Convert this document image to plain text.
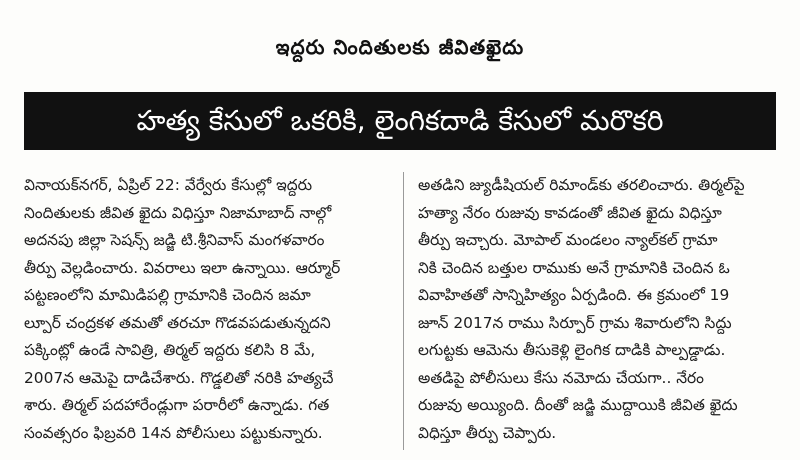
ఇద్దరు నిందితులకు జీవితఖైదు
హత్య కేసులో ఒకరికి, లైంగికదాడి కేసులో మరొకరి
వినాయక్‌నగర్, ఏప్రిల్ 22: వేర్వేరు కేసుల్లో ఇద్దరు
నిందితులకు జీవిత ఖైదు విధిస్తూ నిజామాబాద్ నాల్గో
అదనపు జిల్లా సెషన్స్ జడ్జి టి.శ్రీనివాస్ మంగళవారం
తీర్పు వెల్లడించారు. వివరాలు ఇలా ఉన్నాయి. ఆర్మూర్
పట్టణంలోని మామిడిపల్లి గ్రామానికి చెందిన జమా
ల్పూర్ చంద్రకళ తమతో తరచూ గొడవపడుతున్నదని
పక్కింట్లో ఉండే సావిత్రి, తిర్మల్ ఇద్దరు కలిసి 8 మే,
2007న ఆమెపై దాడిచేశారు. గొడ్డలితో నరికి హత్యచే
శారు. తిర్మల్ పదహారేండ్లుగా పరారీలో ఉన్నాడు. గత
సంవత్సరం ఫిబ్రవరి 14న పోలీసులు పట్టుకున్నారు.
అతడిని జ్యుడీషియల్ రిమాండ్‌కు తరలించారు. తిర్మల్‌పై
హత్యా నేరం రుజువు కావడంతో జీవిత ఖైదు విధిస్తూ
తీర్పు ఇచ్చారు. మోపాల్ మండలం న్యాల్‌కల్ గ్రామా
నికి చెందిన బత్తుల రాముకు అనే గ్రామానికి చెందిన ఓ
వివాహితతో సాన్నిహిత్యం ఏర్పడింది. ఈ క్రమంలో 19
జూన్ 2017న రాము సిర్పూర్ గ్రామ శివారులోని సిద్దు
లగుట్టకు ఆమెను తీసుకెళ్లి లైంగిక దాడికి పాల్పడ్డాడు.
అతడిపై పోలీసులు కేసు నమోదు చేయగా.. నేరం
రుజువు అయ్యింది. దీంతో జడ్జి ముద్దాయికి జీవిత ఖైదు
విధిస్తూ తీర్పు చెప్పారు.
